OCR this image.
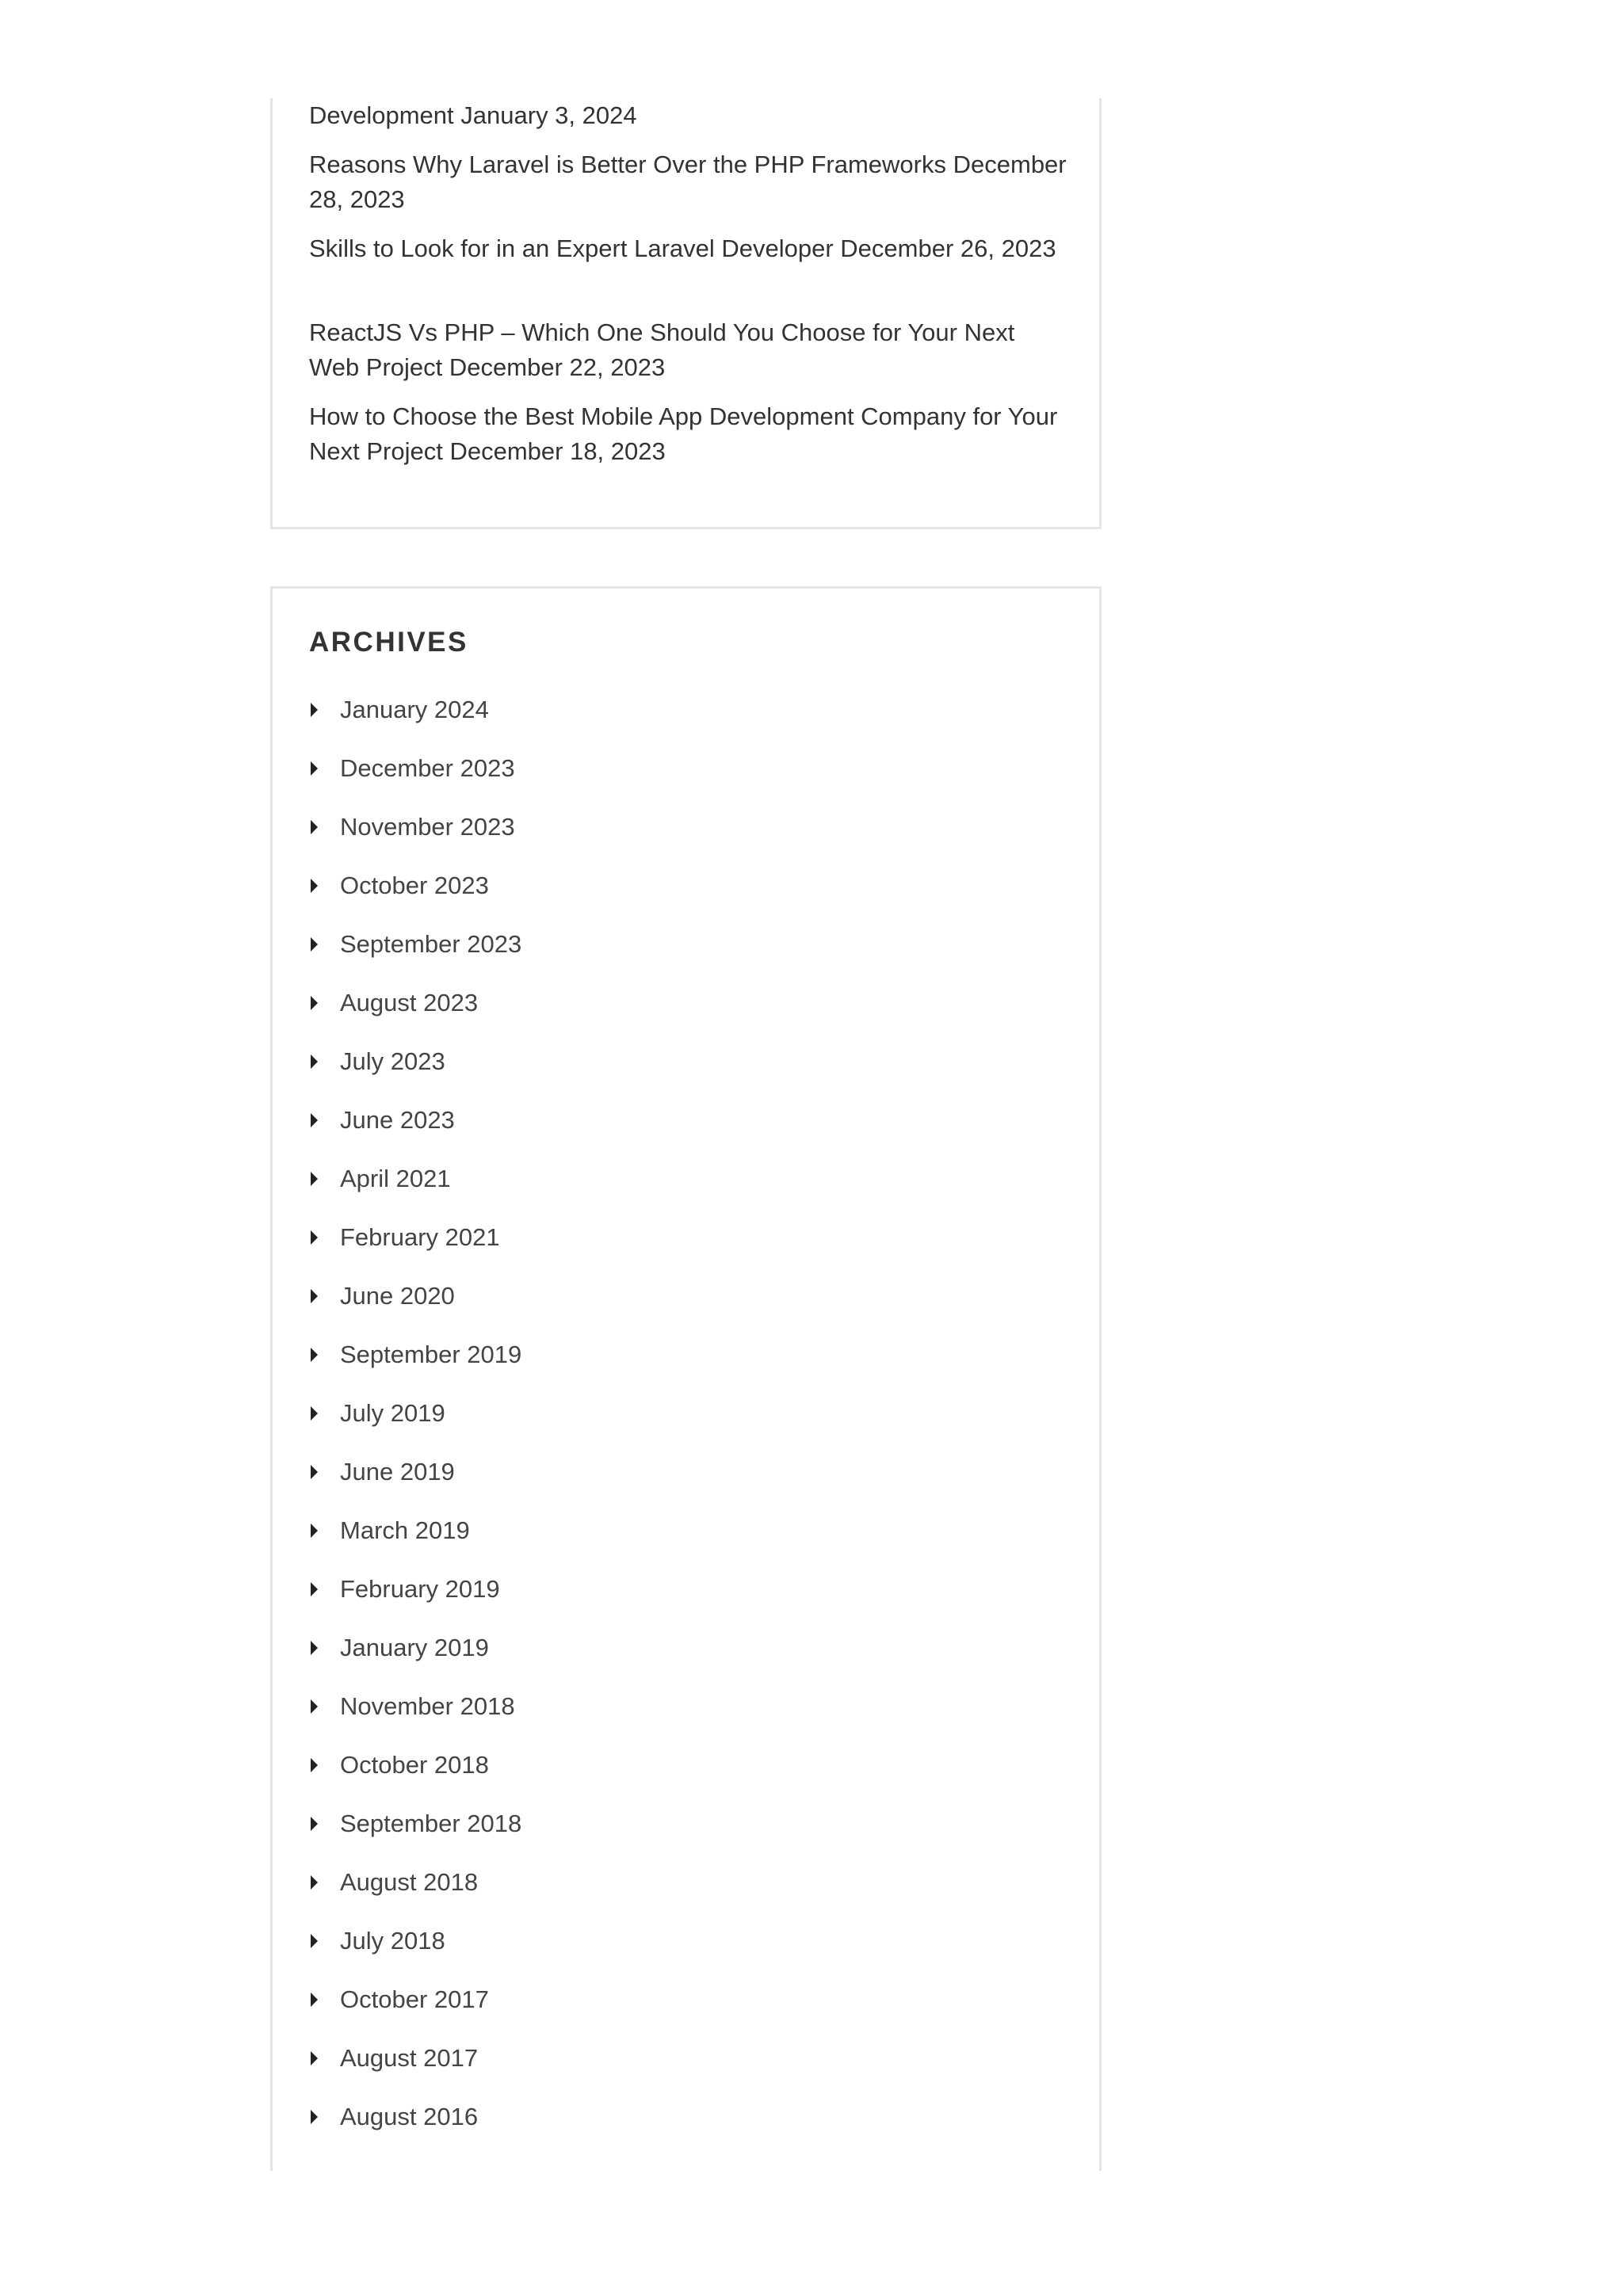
Development January 3, 2024
Reasons Why Laravel is Better Over the PHP Frameworks December 28, 2023
Skills to Look for in an Expert Laravel Developer December 26, 2023
ReactJS Vs PHP – Which One Should You Choose for Your Next Web Project December 22, 2023
How to Choose the Best Mobile App Development Company for Your Next Project December 18, 2023
ARCHIVES
January 2024
December 2023
November 2023
October 2023
September 2023
August 2023
July 2023
June 2023
April 2021
February 2021
June 2020
September 2019
July 2019
June 2019
March 2019
February 2019
January 2019
November 2018
October 2018
September 2018
August 2018
July 2018
October 2017
August 2017
August 2016
